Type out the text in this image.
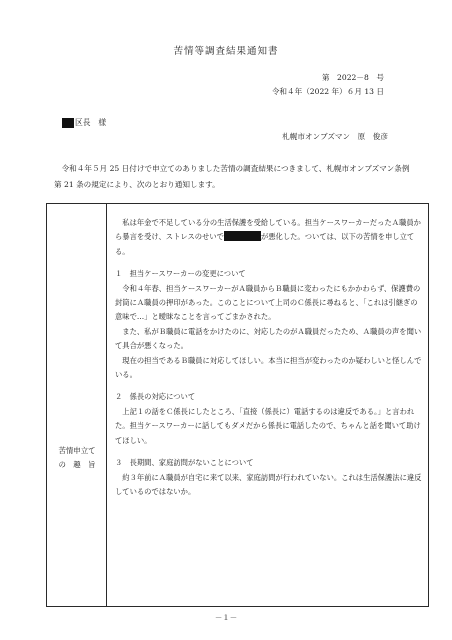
苦情等調査結果通知書
第　2022－8　号
令和４年（2022 年）６月 13 日
区長　様
札幌市オンブズマン　原　俊彦

令和４年５月 25 日付けで申立てのありました苦情の調査結果につきまして、札幌市オンブズマン条例第 21 条の規定により、次のとおり通知します。

苦情申立て
の　趣　旨

私は年金で不足している分の生活保護を受給している。担当ケースワーカーだったＡ職員から暴言を受け、ストレスのせいで	が悪化した。ついては、以下の苦情を申し立てる。

１　担当ケースワーカーの変更について

令和４年春、担当ケースワーカーがＡ職員からＢ職員に変わったにもかかわらず、保護費の封筒にＡ職員の押印があった。このことについて上司のＣ係長に尋ねると、「これは引継ぎの意味で…」と曖昧なことを言ってごまかされた。

また、私がＢ職員に電話をかけたのに、対応したのがＡ職員だったため、Ａ職員の声を聞いて具合が悪くなった。

現在の担当であるＢ職員に対応してほしい。本当に担当が変わったのか疑わしいと怪しんでいる。

２　係長の対応について

上記１の話をＣ係長にしたところ、「直接（係長に）電話するのは違反である。」と言われた。担当ケースワーカーに話してもダメだから係長に電話したので、ちゃんと話を聞いて助けてほしい。

３　長期間、家庭訪問がないことについて

約３年前にＡ職員が自宅に来て以来、家庭訪問が行われていない。これは生活保護法に違反しているのではないか。

－１－
